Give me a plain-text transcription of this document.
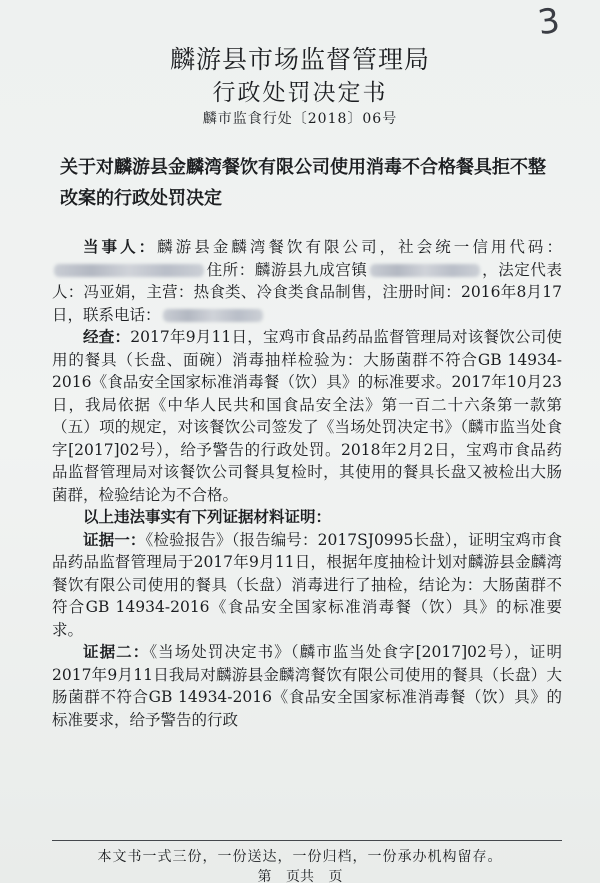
3
麟游县市场监督管理局
行政处罚决定书
麟市监食行处〔2018〕06号
关于对麟游县金麟湾餐饮有限公司使用消毒不合格餐具拒不整改案的行政处罚决定

当事人：麟游县金麟湾餐饮有限公司，社会统一信用代码：住所：麟游县九成宫镇	，法定代表人：冯亚娟，主营：热食类、冷食类食品制售，注册时间：2016年8月17日，联系电话：

经查：2017年9月11日，宝鸡市食品药品监督管理局对该餐饮公司使用的餐具（长盘、面碗）消毒抽样检验为：大肠菌群不符合GB 14934-2016《食品安全国家标准消毒餐（饮）具》的标准要求。2017年10月23日，我局依据《中华人民共和国食品安全法》第一百二十六条第一款第（五）项的规定，对该餐饮公司签发了《当场处罚决定书》（麟市监当处食字[2017]02号），给予警告的行政处罚。2018年2月2日，宝鸡市食品药品监督管理局对该餐饮公司餐具复检时，其使用的餐具长盘又被检出大肠菌群，检验结论为不合格。

以上违法事实有下列证据材料证明：

证据一：《检验报告》（报告编号：2017SJ0995长盘），证明宝鸡市食品药品监督管理局于2017年9月11日，根据年度抽检计划对麟游县金麟湾餐饮有限公司使用的餐具（长盘）消毒进行了抽检，结论为：大肠菌群不符合GB 14934-2016《食品安全国家标准消毒餐（饮）具》的标准要求。

证据二：《当场处罚决定书》（麟市监当处食字[2017]02号），证明2017年9月11日我局对麟游县金麟湾餐饮有限公司使用的餐具（长盘）大肠菌群不符合GB 14934-2016《食品安全国家标准消毒餐（饮）具》的标准要求，给予警告的行政

本文书一式三份，一份送达，一份归档，一份承办机构留存。
第 页共 页
